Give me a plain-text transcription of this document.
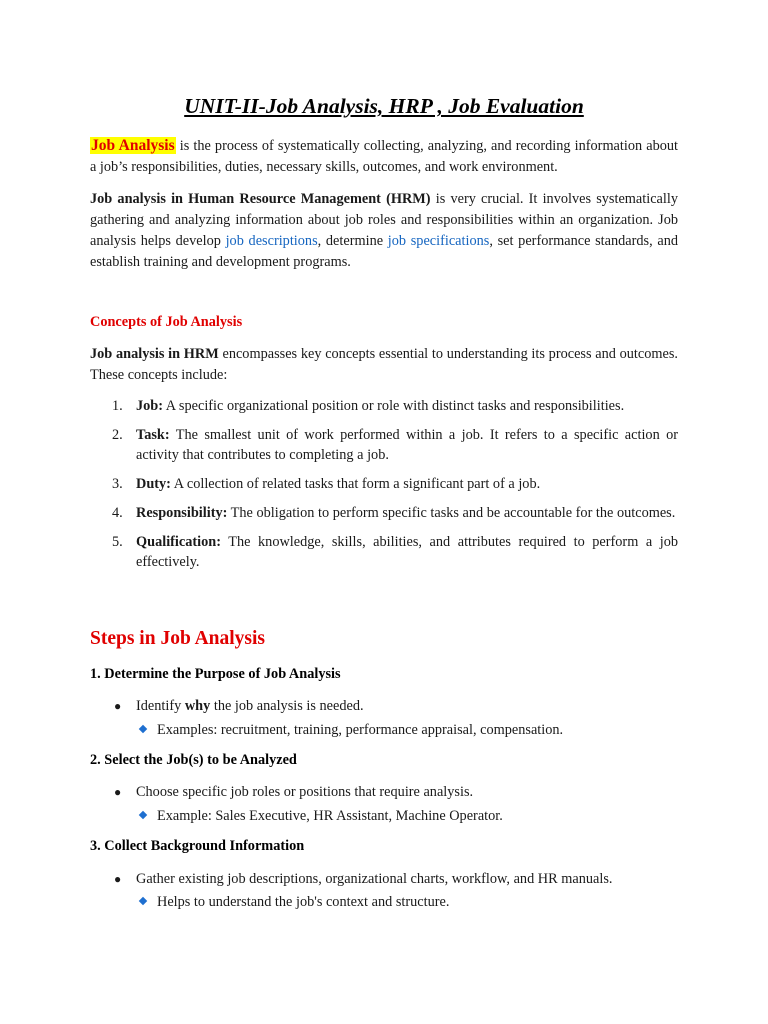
UNIT-II-Job Analysis, HRP , Job Evaluation
Job Analysis is the process of systematically collecting, analyzing, and recording information about a job’s responsibilities, duties, necessary skills, outcomes, and work environment.
Job analysis in Human Resource Management (HRM) is very crucial. It involves systematically gathering and analyzing information about job roles and responsibilities within an organization. Job analysis helps develop job descriptions, determine job specifications, set performance standards, and establish training and development programs.
Concepts of Job Analysis
Job analysis in HRM encompasses key concepts essential to understanding its process and outcomes. These concepts include:
1. Job: A specific organizational position or role with distinct tasks and responsibilities.
2. Task: The smallest unit of work performed within a job. It refers to a specific action or activity that contributes to completing a job.
3. Duty: A collection of related tasks that form a significant part of a job.
4. Responsibility: The obligation to perform specific tasks and be accountable for the outcomes.
5. Qualification: The knowledge, skills, abilities, and attributes required to perform a job effectively.
Steps in Job Analysis
1. Determine the Purpose of Job Analysis
● Identify why the job analysis is needed.
Examples: recruitment, training, performance appraisal, compensation.
2. Select the Job(s) to be Analyzed
● Choose specific job roles or positions that require analysis.
Example: Sales Executive, HR Assistant, Machine Operator.
3. Collect Background Information
● Gather existing job descriptions, organizational charts, workflow, and HR manuals.
Helps to understand the job's context and structure.
